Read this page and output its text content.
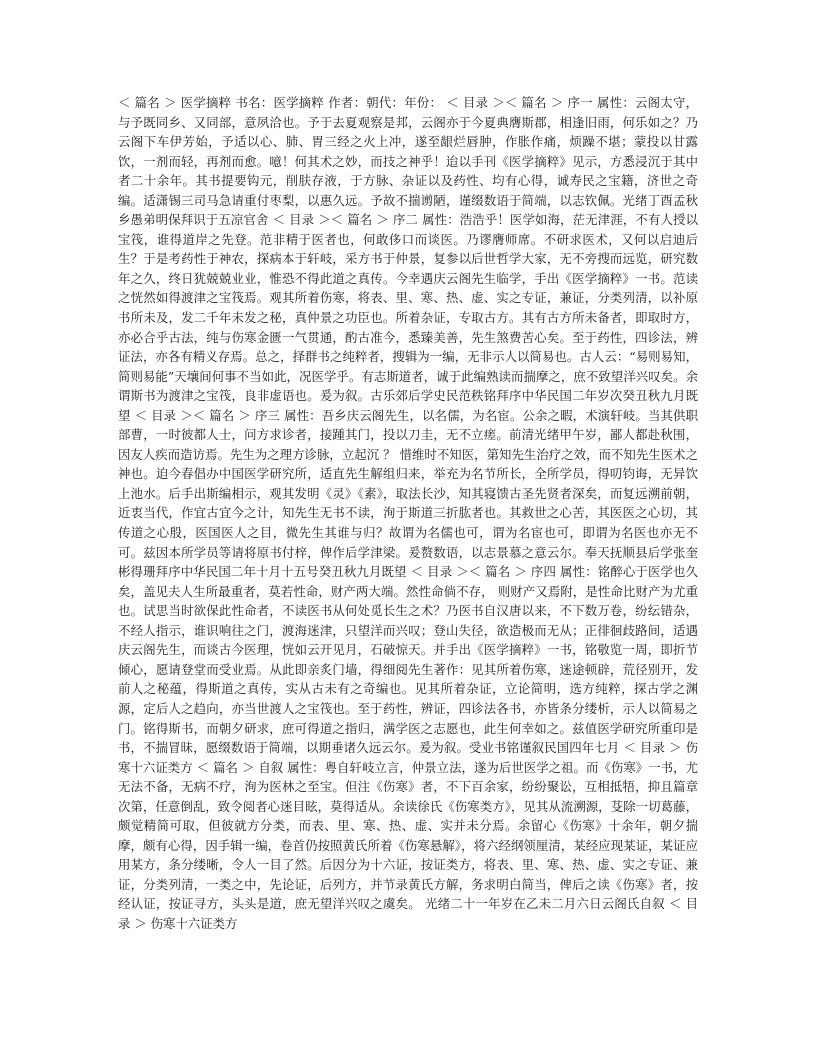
＜ 篇名 ＞ 医学摘粹 书名：医学摘粹 作者：朝代：年份： ＜ 目录 ＞＜ 篇名 ＞ 序一 属性：云阁太守，与予既同乡、又同部，意夙洽也。予于去夏观察是邦，云阁亦于今夏典膺斯郡，相逢旧雨，何乐如之？乃云阁下车伊芳始，予适以心、肺、胃三经之火上冲，遂至龈烂唇肿，作胀作痛，烦躁不堪；蒙投以甘露饮，一剂而轻，再剂而愈。噫！何其术之妙，而技之神乎！迨以手刊《医学摘粹》见示，方悉浸沉于其中者二十余年。其书提要钩元，削肤存液，于方脉、杂证以及药性、均有心得，诚寿民之宝籍，济世之奇编。适潇锡三司马急请重付枣梨，以惠久远。予故不揣谫陋，谨缀数语于简端，以志钦佩。光绪丁酉孟秋乡愚弟明保拜识于五凉官舍 ＜ 目录 ＞＜ 篇名 ＞ 序二 属性：浩浩乎！医学如海，茫无津涯，不有人授以宝筏，谁得道岸之先登。范非精于医者也，何敢侈口而谈医。乃谬膺师席。不研求医术，又何以启迪后生？于是考药性于神农，探病本于轩岐，采方书于仲景，复参以后世哲学大家，无不旁搜而远览，研究数年之久，终日犹兢兢业业，惟恐不得此道之真传。今幸遇庆云阁先生临学，手出《医学摘粹》一书。范读之恍然如得渡津之宝筏焉。观其所着伤寒，将表、里、寒、热、虚、实之专证，兼证，分类列清，以补原书所未及，发二千年未发之秘，真仲景之功臣也。所着杂证，专取古方。其有古方所未备者，即取时方，亦必合乎古法，纯与伤寒金匮一气贯通，酌古准今，悉臻美善，先生煞费苦心矣。至于药性，四诊法，辨证法，亦各有精义存焉。总之，择群书之纯粹者，搜辑为一编，无非示人以简易也。古人云：“易则易知，简则易能”天壤间何事不当如此，况医学乎。有志斯道者，诚于此编熟读而揣摩之，庶不致望洋兴叹矣。余谓斯书为渡津之宝筏，良非虚语也。爰为叙。古乐郊后学史民范秩铭拜序中华民国二年岁次癸丑秋九月既望 ＜ 目录 ＞＜ 篇名 ＞ 序三 属性：吾乡庆云阁先生，以名儒，为名宦。公余之暇，术演轩岐。当其供职部曹，一时彼都人士，问方求诊者，接踵其门，投以刀圭，无不立瘥。前清光绪甲午岁，鄙人都赴秋围，因友人疾而造访焉。先生为之理方诊脉，立起沉 ？ 惜维时不知医，第知先生治疗之效，而不知先生医术之神也。迫今春倡办中国医学研究所，适直先生解组归来，举充为名节所长，全所学员，得叨钧诲，无异饮上池水。后手出斯编相示，观其发明《灵》《素》，取法长沙，知其寝馈古圣先贤者深矣，而复远溯前朝，近衷当代，作宜古宜今之计，知先生无书不读，洵于斯道三折肱者也。其救世之心苦，其医医之心切，其传道之心殷，医国医人之目，微先生其谁与归？故谓为名儒也可，谓为名宦也可，即谓为名医也亦无不可。兹因本所学员等请将原书付梓，俾作后学津梁。爰赘数语，以志景慕之意云尔。奉天抚顺县后学张奎彬得珊拜序中华民国二年十月十五号癸丑秋九月既望 ＜ 目录 ＞＜ 篇名 ＞ 序四 属性：铭醉心于医学也久矣，盖见夫人生所最重者，莫若性命，财产两大端。然性命倘不存， 则财产又焉附，是性命比财产为尤重也。试思当时欲保此性命者，不读医书从何处觅长生之术？乃医书自汉唐以来，不下数万卷，纷纭错杂，不经人指示，谁识响往之门，渡海迷津，只望洋而兴叹；登山失径，欲造极而无从；正徘徊歧路间，适遇庆云阁先生，而谈古今医理，恍如云开见月，石破惊天。并手出《医学摘粹》一书，铭敬览一周，即折节倾心，愿请登堂而受业焉。从此即亲炙门墙，得细阅先生著作：见其所着伤寒，迷途顿辟，荒径别开，发前人之秘蕴，得斯道之真传，实从古未有之奇编也。见其所着杂证，立论简明，选方纯粹，探古学之渊源，定后人之趋向，亦当世渡人之宝筏也。至于药性，辨证，四诊法各书，亦皆条分缕析，示人以简易之门。铭得斯书，而朝夕研求，庶可得道之指归，满学医之志愿也，此生何幸如之。兹值医学研究所重印是书，不揣冒昧，愿缀数语于简端，以期垂诸久远云尔。爰为叙。受业书铭谨叙民国四年七月 ＜ 目录 ＞ 伤寒十六证类方 ＜ 篇名 ＞ 自叙 属性：粤自轩岐立言，仲景立法，遂为后世医学之祖。而《伤寒》一书，尤无法不备，无病不疗，洵为医林之至宝。但注《伤寒》者，不下百余家，纷纷聚讼，互相抵牾，抑且篇章次第，任意倒乱，致令阅者心迷目眩，莫得适从。余读徐氏《伤寒类方》，见其从流溯源，芟除一切葛藤，颇觉精简可取，但彼就方分类，而表、里、寒、热、虚、实并未分焉。余留心《伤寒》十余年，朝夕揣摩，颇有心得，因手辑一编，卷首仍按照黄氏所着《伤寒悬解》，将六经纲领厘清，某经应现某证，某证应用某方，条分缕晰，令人一目了然。后因分为十六证，按证类方，将表、里、寒、热、虚、实之专证、兼证，分类列清，一类之中，先论证，后列方，并节录黄氏方解，务求明白简当，俾后之读《伤寒》者，按经认证，按证寻方，头头是道，庶无望洋兴叹之虞矣。 光绪二十一年岁在乙未二月六日云阁氏自叙 ＜ 目录 ＞ 伤寒十六证类方
